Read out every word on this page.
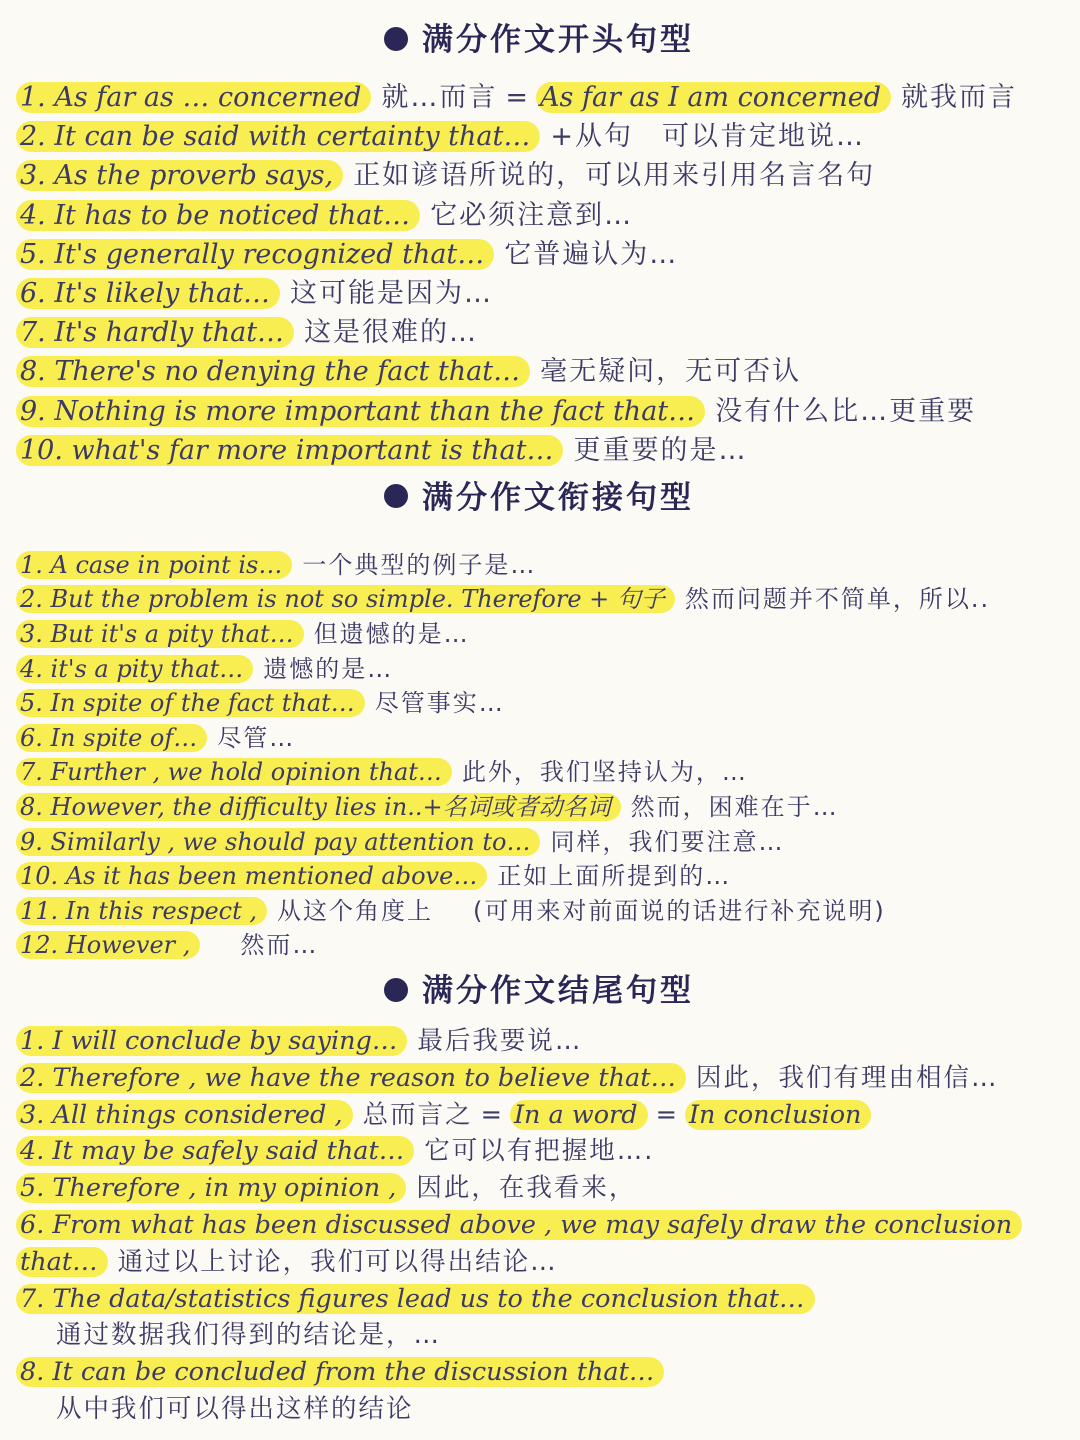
满分作文开头句型
1. As far as … concerned 就…而言 = As far as I am concerned 就我而言
2. It can be said with certainty that… +从句　可以肯定地说…
3. As the proverb says, 正如谚语所说的，可以用来引用名言名句
4. It has to be noticed that… 它必须注意到…
5. It's generally recognized that… 它普遍认为…
6. It's likely that… 这可能是因为…
7. It's hardly that… 这是很难的…
8. There's no denying the fact that… 毫无疑问，无可否认
9. Nothing is more important than the fact that… 没有什么比…更重要
10. what's far more important is that… 更重要的是…
满分作文衔接句型
1. A case in point is… 一个典型的例子是…
2. But the problem is not so simple. Therefore + 句子 然而问题并不简单，所以..
3. But it's a pity that… 但遗憾的是…
4. it's a pity that… 遗憾的是…
5. In spite of the fact that… 尽管事实…
6. In spite of… 尽管…
7. Further , we hold opinion that… 此外，我们坚持认为，…
8. However, the difficulty lies in..+名词或者动名词 然而，困难在于…
9. Similarly , we should pay attention to… 同样，我们要注意…
10. As it has been mentioned above… 正如上面所提到的…
11. In this respect , 从这个角度上 (可用来对前面说的话进行补充说明)
12. However , 然而…
满分作文结尾句型
1. I will conclude by saying… 最后我要说…
2. Therefore , we have the reason to believe that… 因此，我们有理由相信…
3. All things considered , 总而言之 = In a word = In conclusion
4. It may be safely said that… 它可以有把握地….
5. Therefore , in my opinion , 因此，在我看来，
6. From what has been discussed above , we may safely draw the conclusion
that… 通过以上讨论，我们可以得出结论…
7. The data/statistics figures lead us to the conclusion that…
通过数据我们得到的结论是，…
8. It can be concluded from the discussion that…
从中我们可以得出这样的结论
